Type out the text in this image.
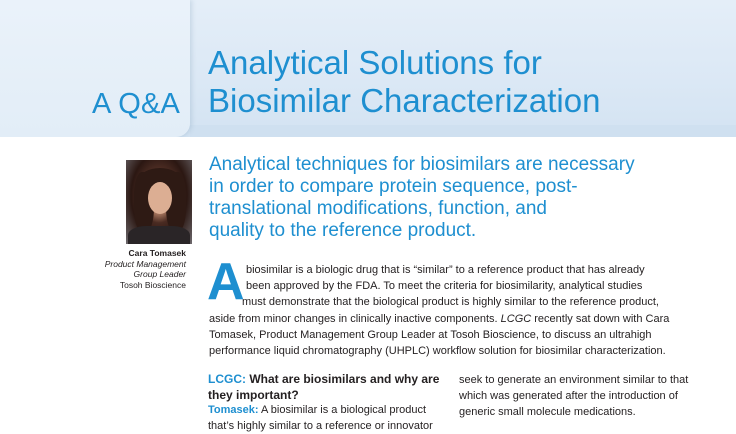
A Q&A
Analytical Solutions for
Biosimilar Characterization
Cara Tomasek
Product Management
Group Leader
Tosoh Bioscience
Analytical techniques for biosimilars are necessary
in order to compare protein sequence, post-
translational modifications, function, and
quality to the reference product.
A biosimilar is a biologic drug that is “similar” to a reference product that has already
been approved by the FDA. To meet the criteria for biosimilarity, analytical studies
must demonstrate that the biological product is highly similar to the reference product,
aside from minor changes in clinically inactive components. LCGC recently sat down with Cara
Tomasek, Product Management Group Leader at Tosoh Bioscience, to discuss an ultrahigh
performance liquid chromatography (UHPLC) workflow solution for biosimilar characterization.
LCGC: What are biosimilars and why are
they important?
Tomasek: A biosimilar is a biological product
that’s highly similar to a reference or innovator
seek to generate an environment similar to that
which was generated after the introduction of
generic small molecule medications.
